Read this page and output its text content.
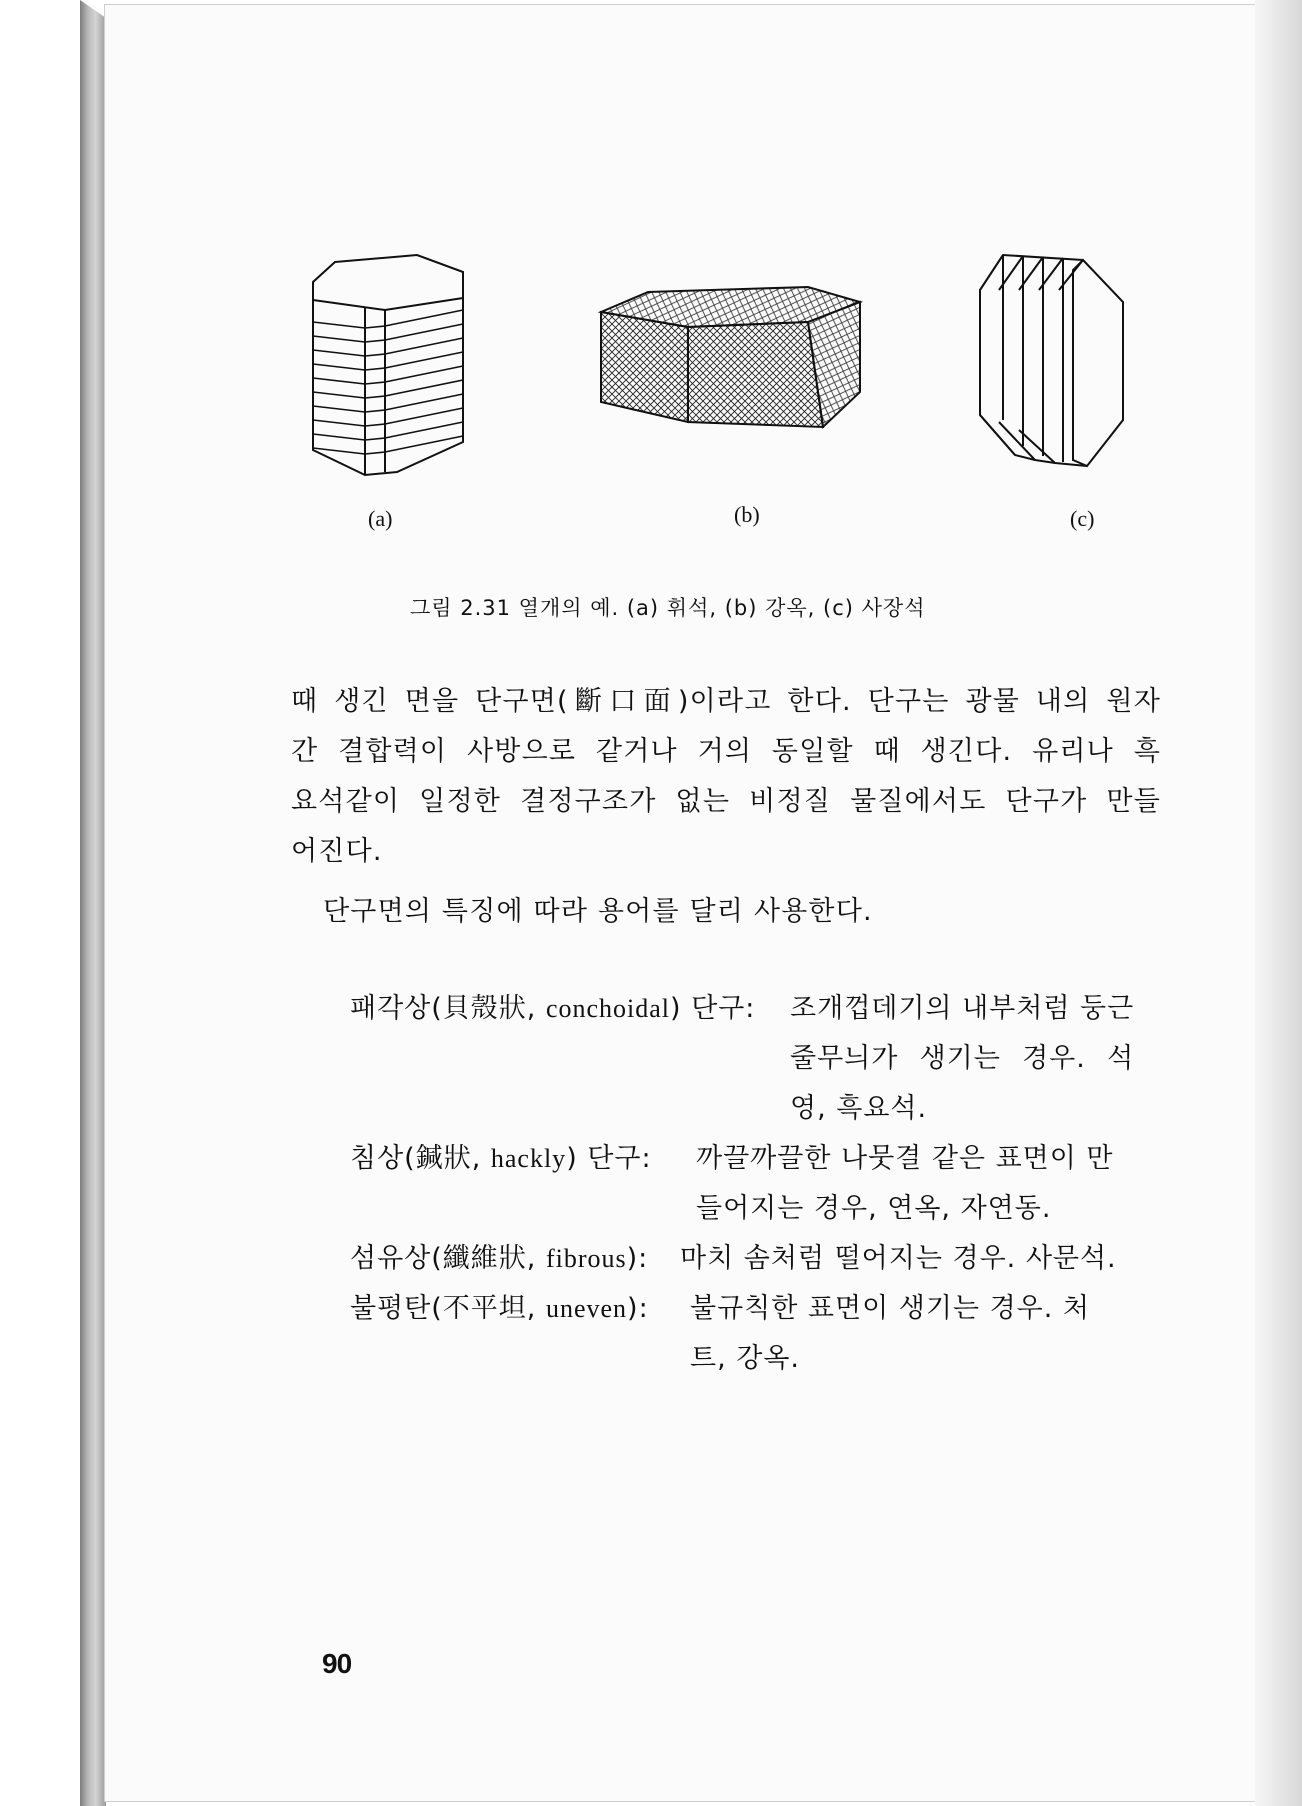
(a)	(b)	(c)
그림 2.31 열개의 예. (a) 휘석, (b) 강옥, (c) 사장석
때 생긴 면을 단구면(斷口面)이라고 한다. 단구는 광물 내의 원자
간 결합력이 사방으로 같거나 거의 동일할 때 생긴다. 유리나 흑
요석같이 일정한 결정구조가 없는 비정질 물질에서도 단구가 만들
어진다.
단구면의 특징에 따라 용어를 달리 사용한다.
패각상(貝殼狀, conchoidal) 단구: 조개껍데기의 내부처럼 둥근
줄무늬가 생기는 경우. 석
영, 흑요석.
침상(鍼狀, hackly) 단구: 까끌까끌한 나뭇결 같은 표면이 만
들어지는 경우, 연옥, 자연동.
섬유상(纖維狀, fibrous): 마치 솜처럼 떨어지는 경우. 사문석.
불평탄(不平坦, uneven): 불규칙한 표면이 생기는 경우. 처
트, 강옥.
90
